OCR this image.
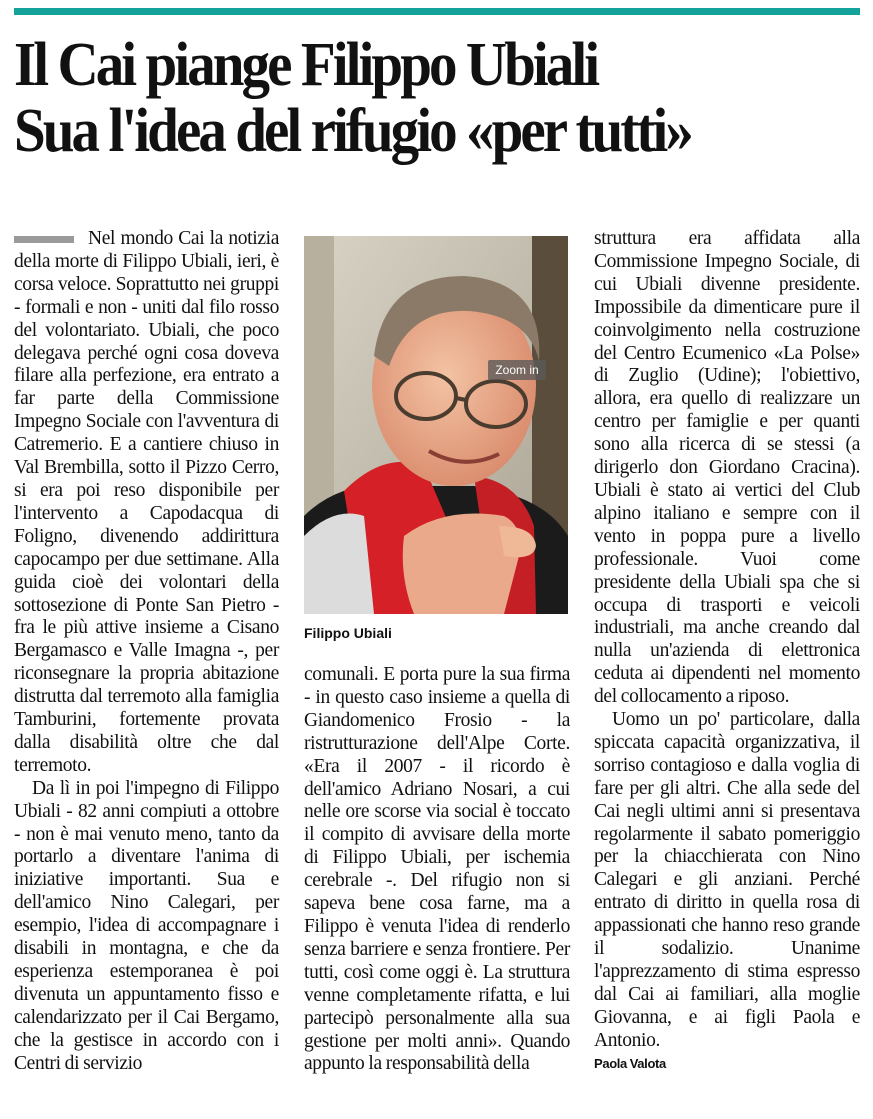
Il Cai piange Filippo Ubiali
Sua l'idea del rifugio «per tutti»

Nel mondo Cai la notizia della morte di Filippo Ubiali, ieri, è corsa veloce. Soprattutto nei gruppi - formali e non - uniti dal filo rosso del volontariato. Ubiali, che poco delegava perché ogni cosa doveva filare alla perfezione, era entrato a far parte della Commissione Impegno Sociale con l'avventura di Catremerio. E a cantiere chiuso in Val Brembilla, sotto il Pizzo Cerro, si era poi reso disponibile per l'intervento a Capodacqua di Foligno, divenendo addirittura capocampo per due settimane. Alla guida cioè dei volontari della sottosezione di Ponte San Pietro - fra le più attive insieme a Cisano Bergamasco e Valle Imagna -, per riconsegnare la propria abitazione distrutta dal terremoto alla famiglia Tamburini, fortemente provata dalla disabilità oltre che dal terremoto.

Da lì in poi l'impegno di Filippo Ubiali - 82 anni compiuti a ottobre - non è mai venuto meno, tanto da portarlo a diventare l'anima di iniziative importanti. Sua e dell'amico Nino Calegari, per esempio, l'idea di accompagnare i disabili in montagna, e che da esperienza estemporanea è poi divenuta un appuntamento fisso e calendarizzato per il Cai Bergamo, che la gestisce in accordo con i Centri di servizio

Zoom in
Filippo Ubiali

comunali. E porta pure la sua firma - in questo caso insieme a quella di Giandomenico Frosio - la ristrutturazione dell'Alpe Corte. «Era il 2007 - il ricordo è dell'amico Adriano Nosari, a cui nelle ore scorse via social è toccato il compito di avvisare della morte di Filippo Ubiali, per ischemia cerebrale -. Del rifugio non si sapeva bene cosa farne, ma a Filippo è venuta l'idea di renderlo senza barriere e senza frontiere. Per tutti, così come oggi è. La struttura venne completamente rifatta, e lui partecipò personalmente alla sua gestione per molti anni». Quando appunto la responsabilità della

struttura era affidata alla Commissione Impegno Sociale, di cui Ubiali divenne presidente. Impossibile da dimenticare pure il coinvolgimento nella costruzione del Centro Ecumenico «La Polse» di Zuglio (Udine); l'obiettivo, allora, era quello di realizzare un centro per famiglie e per quanti sono alla ricerca di se stessi (a dirigerlo don Giordano Cracina). Ubiali è stato ai vertici del Club alpino italiano e sempre con il vento in poppa pure a livello professionale. Vuoi come presidente della Ubiali spa che si occupa di trasporti e veicoli industriali, ma anche creando dal nulla un'azienda di elettronica ceduta ai dipendenti nel momento del collocamento a riposo.

Uomo un po' particolare, dalla spiccata capacità organizzativa, il sorriso contagioso e dalla voglia di fare per gli altri. Che alla sede del Cai negli ultimi anni si presentava regolarmente il sabato pomeriggio per la chiacchierata con Nino Calegari e gli anziani. Perché entrato di diritto in quella rosa di appassionati che hanno reso grande il sodalizio. Unanime l'apprezzamento di stima espresso dal Cai ai familiari, alla moglie Giovanna, e ai figli Paola e Antonio.

Paola Valota
